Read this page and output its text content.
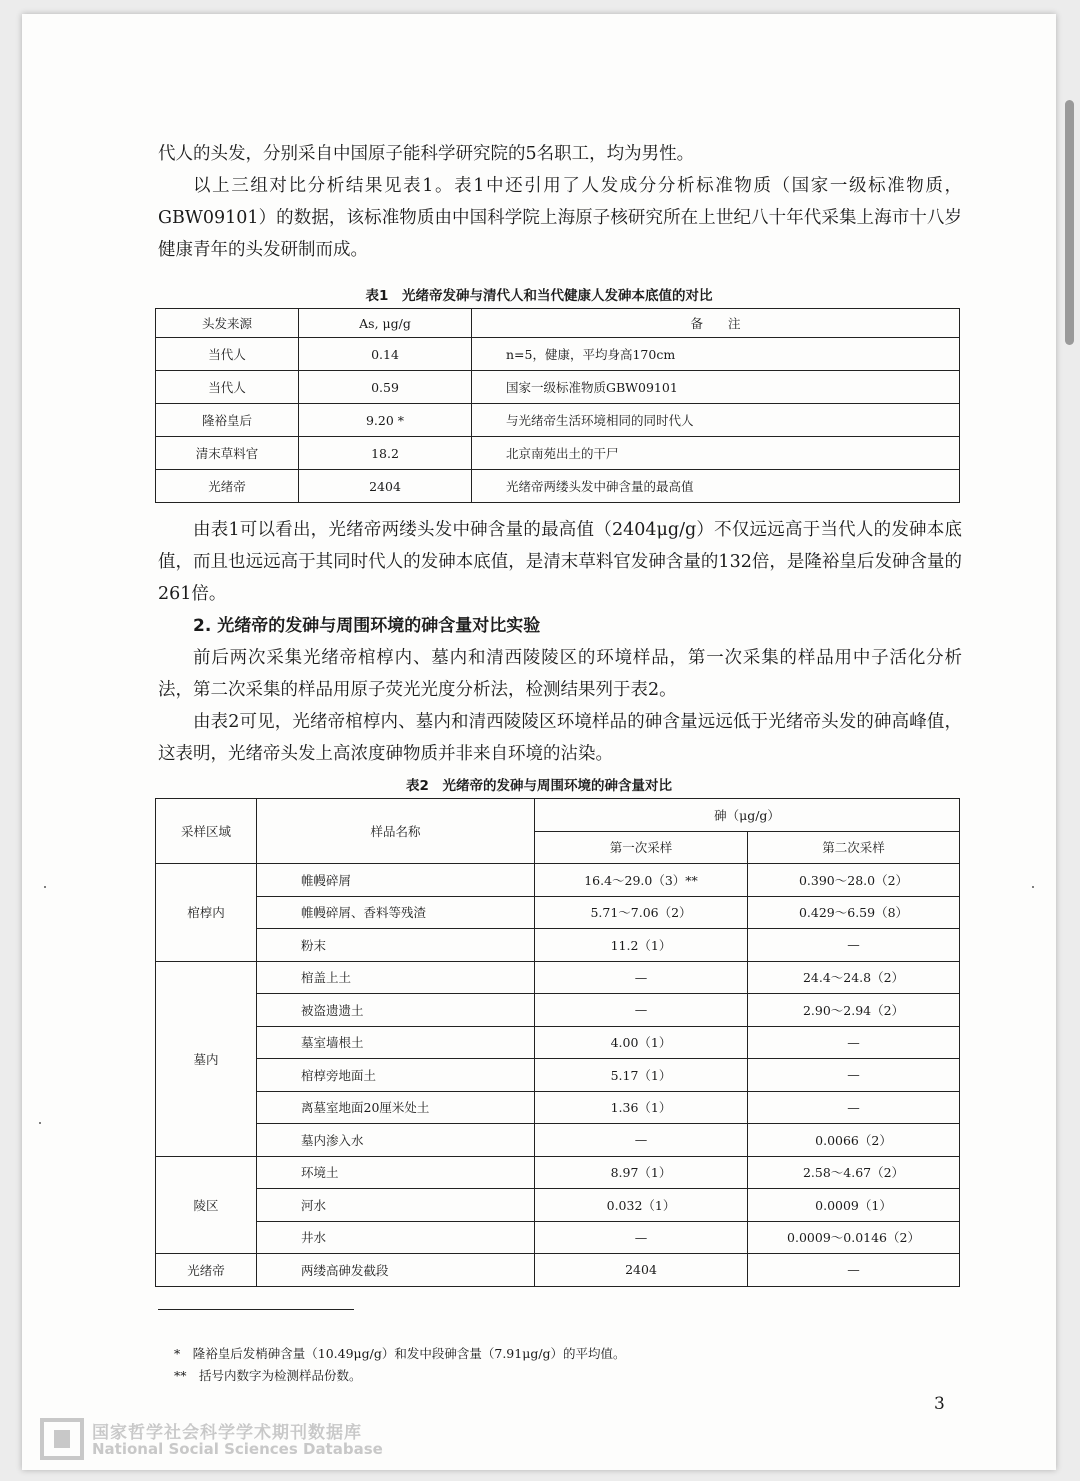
代人的头发，分别采自中国原子能科学研究院的5名职工，均为男性。

以上三组对比分析结果见表1。表1中还引用了人发成分分析标准物质（国家一级标准物质，GBW09101）的数据，该标准物质由中国科学院上海原子核研究所在上世纪八十年代采集上海市十八岁健康青年的头发研制而成。

表1　光绪帝发砷与清代人和当代健康人发砷本底值的对比
头发来源	As, μg/g	备　　注
当代人	0.14	n=5，健康，平均身高170cm
当代人	0.59	国家一级标准物质GBW09101
隆裕皇后	9.20 *	与光绪帝生活环境相同的同时代人
清末草料官	18.2	北京南苑出土的干尸
光绪帝	2404	光绪帝两缕头发中砷含量的最高值

由表1可以看出，光绪帝两缕头发中砷含量的最高值（2404μg/g）不仅远远高于当代人的发砷本底值，而且也远远高于其同时代人的发砷本底值，是清末草料官发砷含量的132倍，是隆裕皇后发砷含量的261倍。

2. 光绪帝的发砷与周围环境的砷含量对比实验

前后两次采集光绪帝棺椁内、墓内和清西陵陵区的环境样品，第一次采集的样品用中子活化分析法，第二次采集的样品用原子荧光光度分析法，检测结果列于表2。

由表2可见，光绪帝棺椁内、墓内和清西陵陵区环境样品的砷含量远远低于光绪帝头发的砷高峰值，这表明，光绪帝头发上高浓度砷物质并非来自环境的沾染。

表2　光绪帝的发砷与周围环境的砷含量对比
采样区域	样品名称	砷（μg/g）	
		第一次采样	第二次采样
棺椁内	帷幔碎屑	16.4～29.0（3）**	0.390～28.0（2）
	帷幔碎屑、香料等残渣	5.71～7.06（2）	0.429～6.59（8）
	粉末	11.2（1）	—
墓内	棺盖上土	—	24.4～24.8（2）
	被盗遗遗土	—	2.90～2.94（2）
	墓室墙根土	4.00（1）	—
	棺椁旁地面土	5.17（1）	—
	离墓室地面20厘米处土	1.36（1）	—
	墓内渗入水	—	0.0066（2）
陵区	环境土	8.97（1）	2.58～4.67（2）
	河水	0.032（1）	0.0009（1）
	井水	—	0.0009～0.0146（2）
光绪帝	两缕高砷发截段	2404	—
*　隆裕皇后发梢砷含量（10.49μg/g）和发中段砷含量（7.91μg/g）的平均值。
**　括号内数字为检测样品份数。
3
国家哲学社会科学学术期刊数据库
National Social Sciences Database
